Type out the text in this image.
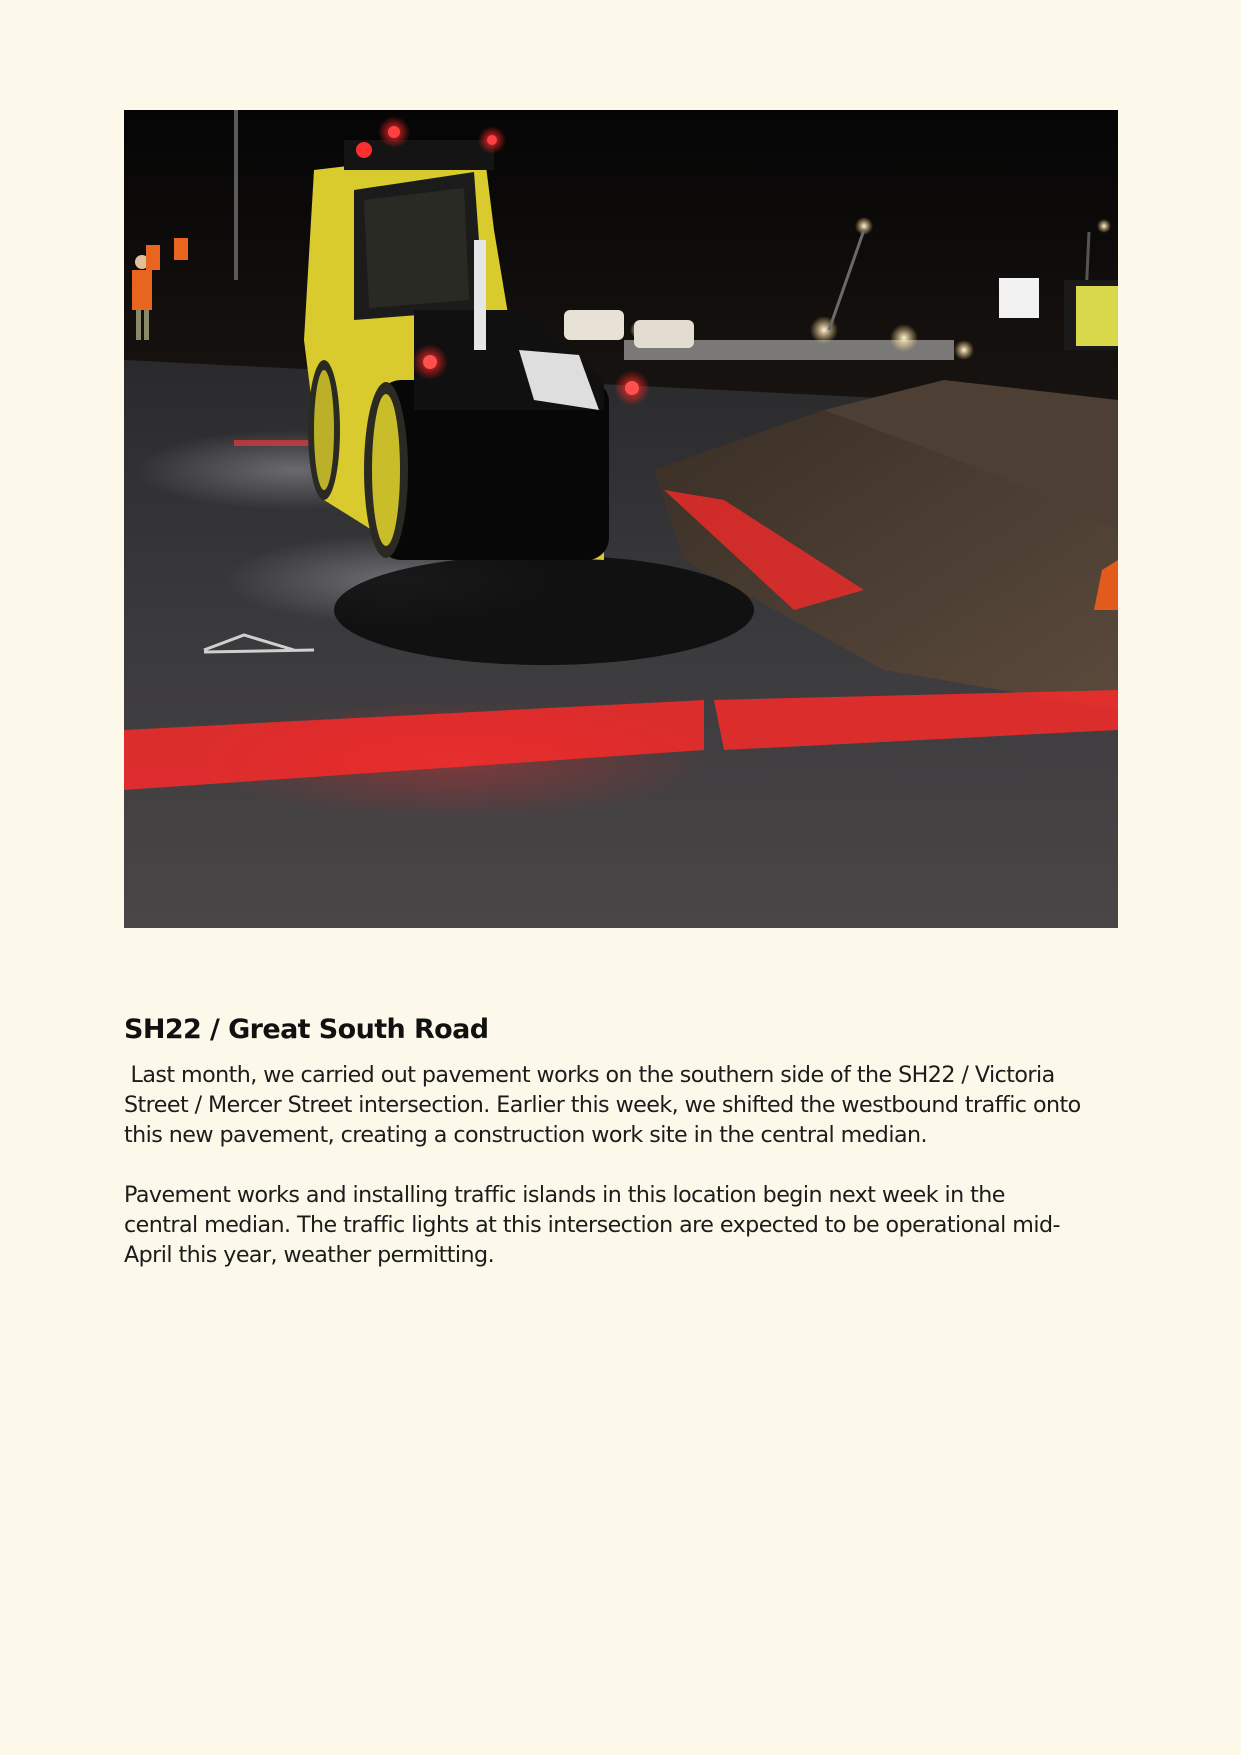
SH22 / Great South Road

Last month, we carried out pavement works on the southern side of the SH22 / Victoria Street / Mercer Street intersection. Earlier this week, we shifted the westbound traffic onto this new pavement, creating a construction work site in the central median.

Pavement works and installing traffic islands in this location begin next week in the central median. The traffic lights at this intersection are expected to be operational mid-April this year, weather permitting.
